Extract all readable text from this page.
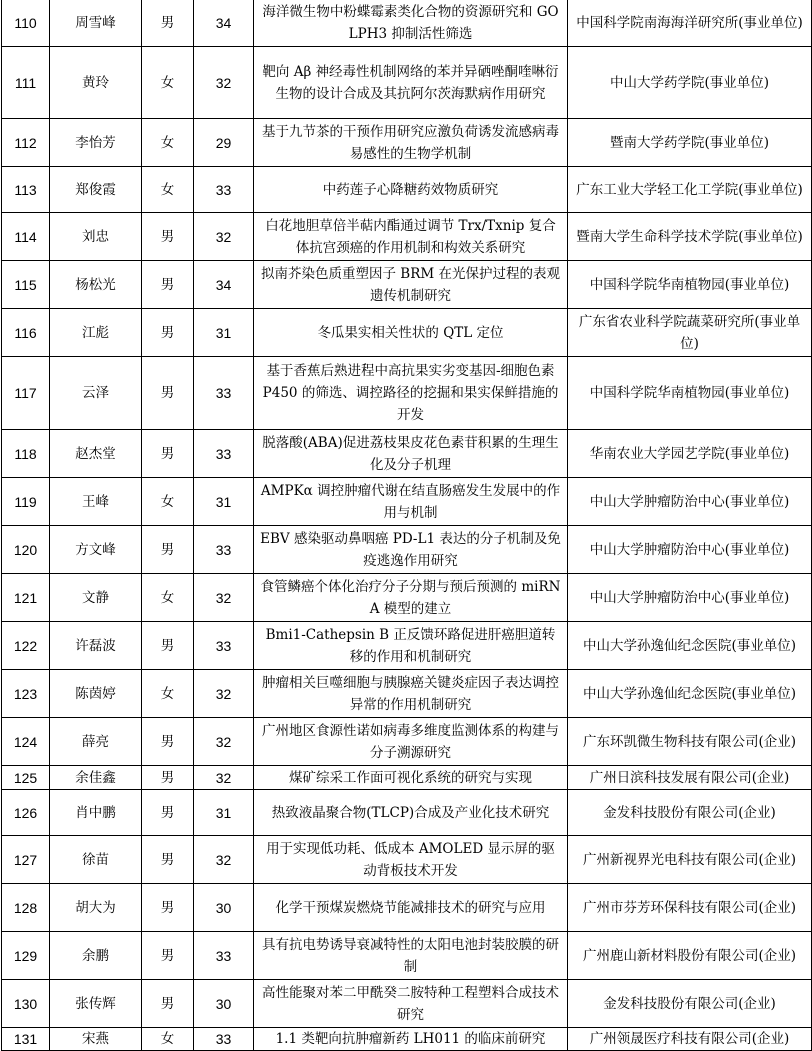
110	周雪峰	男	34	海洋微生物中粉蝶霉素类化合物的资源研究和 GOLPH3 抑制活性筛选	中国科学院南海海洋研究所(事业单位)
111	黄玲	女	32	靶向 Aβ 神经毒性机制网络的苯并异硒唑酮喹啉衍生物的设计合成及其抗阿尔茨海默病作用研究	中山大学药学院(事业单位)
112	李怡芳	女	29	基于九节茶的干预作用研究应激负荷诱发流感病毒易感性的生物学机制	暨南大学药学院(事业单位)
113	郑俊霞	女	33	中药莲子心降糖药效物质研究	广东工业大学轻工化工学院(事业单位)
114	刘忠	男	32	白花地胆草倍半萜内酯通过调节 Trx/Txnip 复合体抗宫颈癌的作用机制和构效关系研究	暨南大学生命科学技术学院(事业单位)
115	杨松光	男	34	拟南芥染色质重塑因子 BRM 在光保护过程的表观遗传机制研究	中国科学院华南植物园(事业单位)
116	江彪	男	31	冬瓜果实相关性状的 QTL 定位	广东省农业科学院蔬菜研究所(事业单位)
117	云泽	男	33	基于香蕉后熟进程中高抗果实劣变基因-细胞色素 P450 的筛选、调控路径的挖掘和果实保鲜措施的开发	中国科学院华南植物园(事业单位)
118	赵杰堂	男	33	脱落酸(ABA)促进荔枝果皮花色素苷积累的生理生化及分子机理	华南农业大学园艺学院(事业单位)
119	王峰	女	31	AMPKα 调控肿瘤代谢在结直肠癌发生发展中的作用与机制	中山大学肿瘤防治中心(事业单位)
120	方文峰	男	33	EBV 感染驱动鼻咽癌 PD-L1 表达的分子机制及免疫逃逸作用研究	中山大学肿瘤防治中心(事业单位)
121	文静	女	32	食管鳞癌个体化治疗分子分期与预后预测的 miRNA 模型的建立	中山大学肿瘤防治中心(事业单位)
122	许磊波	男	33	Bmi1-Cathepsin B 正反馈环路促进肝癌胆道转移的作用和机制研究	中山大学孙逸仙纪念医院(事业单位)
123	陈茵婷	女	32	肿瘤相关巨噬细胞与胰腺癌关键炎症因子表达调控异常的作用机制研究	中山大学孙逸仙纪念医院(事业单位)
124	薛亮	男	32	广州地区食源性诺如病毒多维度监测体系的构建与分子溯源研究	广东环凯微生物科技有限公司(企业)
125	余佳鑫	男	32	煤矿综采工作面可视化系统的研究与实现	广州日滨科技发展有限公司(企业)
126	肖中鹏	男	31	热致液晶聚合物(TLCP)合成及产业化技术研究	金发科技股份有限公司(企业)
127	徐苗	男	32	用于实现低功耗、低成本 AMOLED 显示屏的驱动背板技术开发	广州新视界光电科技有限公司(企业)
128	胡大为	男	30	化学干预煤炭燃烧节能减排技术的研究与应用	广州市芬芳环保科技有限公司(企业)
129	余鹏	男	33	具有抗电势诱导衰减特性的太阳电池封装胶膜的研制	广州鹿山新材料股份有限公司(企业)
130	张传辉	男	30	高性能聚对苯二甲酰癸二胺特种工程塑料合成技术研究	金发科技股份有限公司(企业)
131	宋燕	女	33	1.1 类靶向抗肿瘤新药 LH011 的临床前研究	广州领晟医疗科技有限公司(企业)
